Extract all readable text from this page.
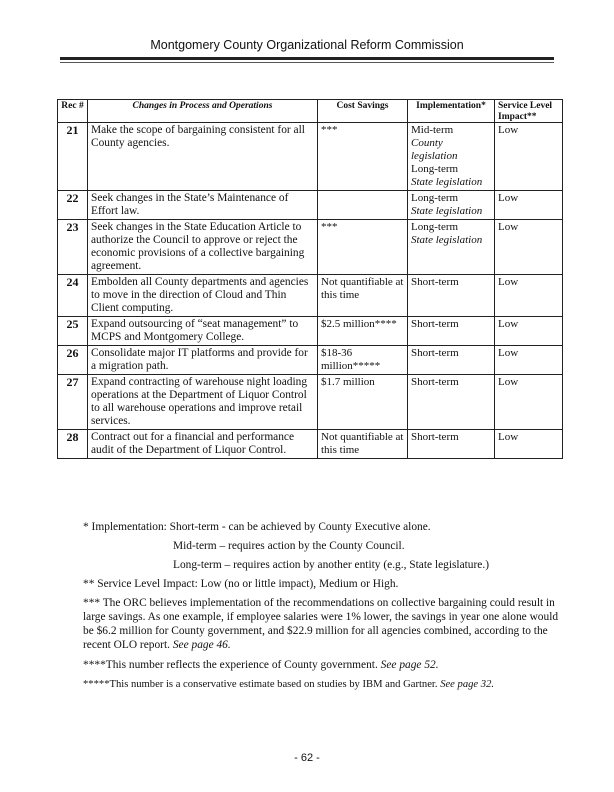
Montgomery County Organizational Reform Commission
Rec #	Changes in Process and Operations	Cost Savings	Implementation*	Service Level Impact**
21	Make the scope of bargaining consistent for all County agencies.	***	Mid-term
County legislation
Long-term
State legislation	Low
22	Seek changes in the State’s Maintenance of Effort law.		Long-term
State legislation	Low
23	Seek changes in the State Education Article to authorize the Council to approve or reject the economic provisions of a collective bargaining agreement.	***	Long-term
State legislation	Low
24	Embolden all County departments and agencies to move in the direction of Cloud and Thin Client computing.	Not quantifiable at this time	Short-term	Low
25	Expand outsourcing of “seat management” to MCPS and Montgomery College.	$2.5 million****	Short-term	Low
26	Consolidate major IT platforms and provide for a migration path.	$18-36 million*****	Short-term	Low
27	Expand contracting of warehouse night loading operations at the Department of Liquor Control to all warehouse operations and improve retail services.	$1.7 million	Short-term	Low
28	Contract out for a financial and performance audit of the Department of Liquor Control.	Not quantifiable at this time	Short-term	Low

* Implementation: Short-term - can be achieved by County Executive alone.

Mid-term – requires action by the County Council.

Long-term – requires action by another entity (e.g., State legislature.)

** Service Level Impact: Low (no or little impact), Medium or High.

*** The ORC believes implementation of the recommendations on collective bargaining could result in large savings. As one example, if employee salaries were 1% lower, the savings in year one alone would be $6.2 million for County government, and $22.9 million for all agencies combined, according to the recent OLO report. See page 46.

****This number reflects the experience of County government. See page 52.

*****This number is a conservative estimate based on studies by IBM and Gartner. See page 32.

- 62 -
